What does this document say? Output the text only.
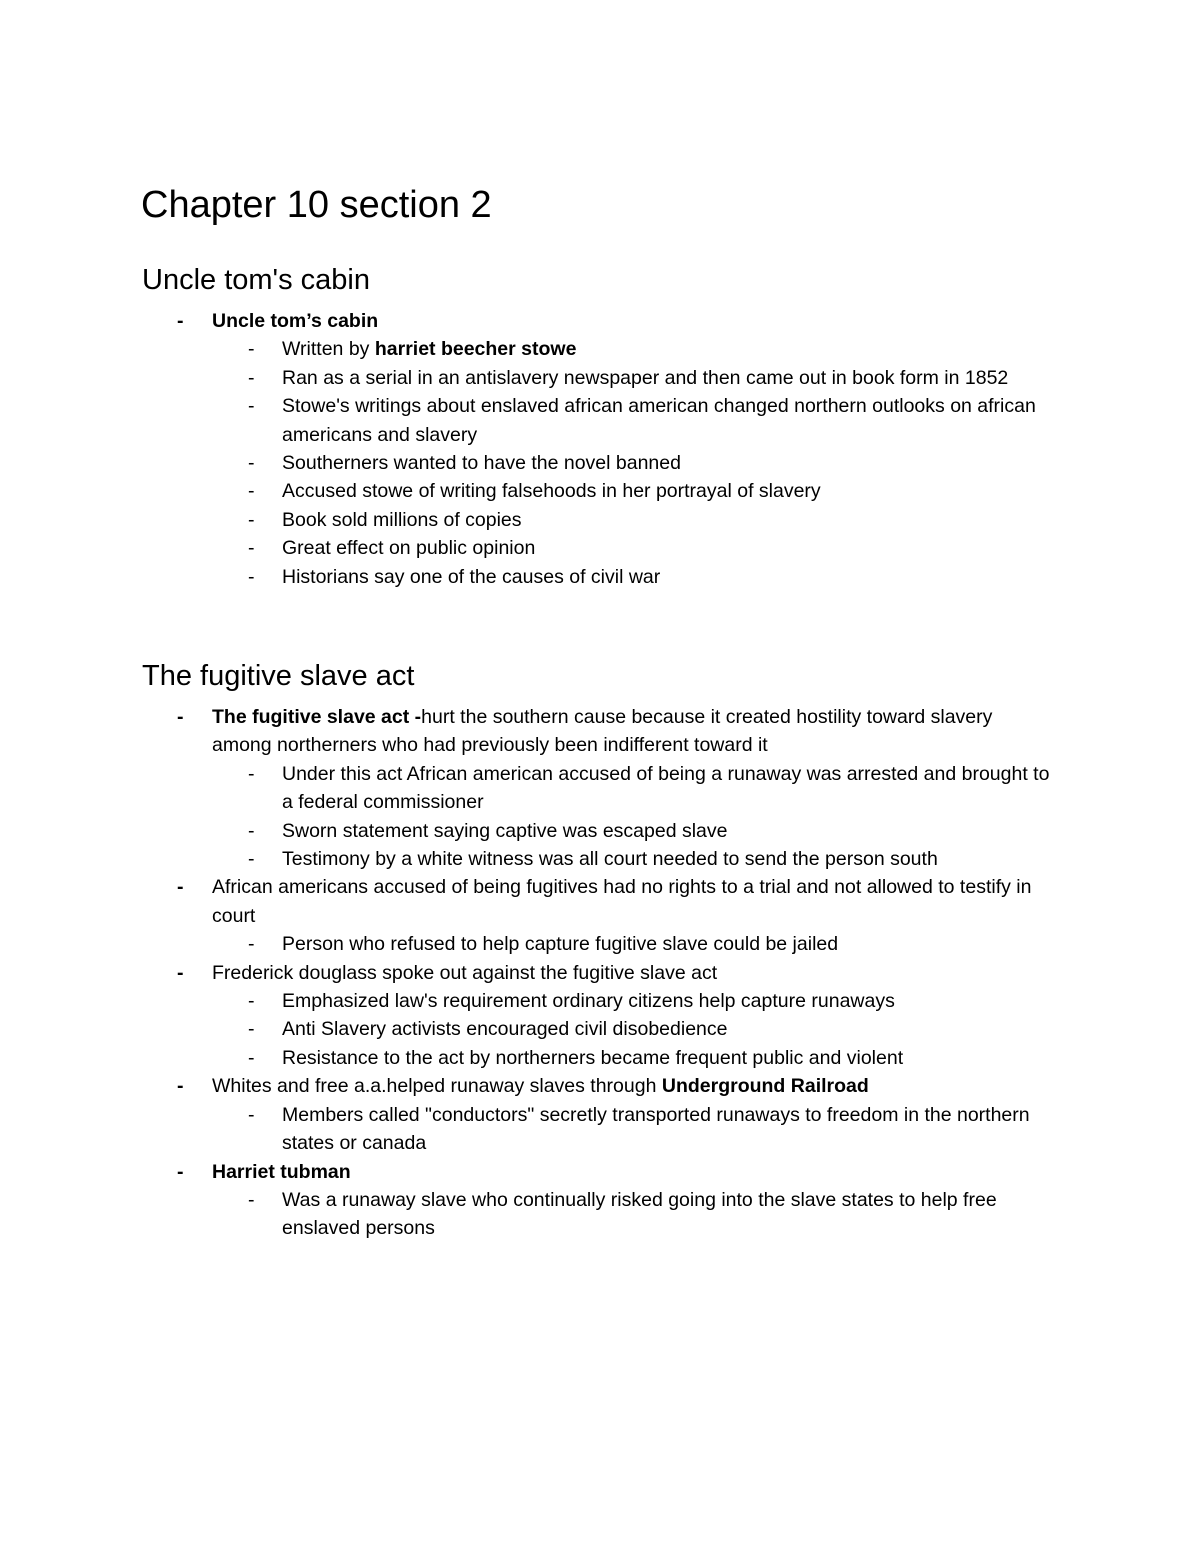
Chapter 10 section 2
Uncle tom's cabin
- Uncle tom’s cabin
- Written by harriet beecher stowe
- Ran as a serial in an antislavery newspaper and then came out in book form in 1852
- Stowe's writings about enslaved african american changed northern outlooks on african americans and slavery
- Southerners wanted to have the novel banned
- Accused stowe of writing falsehoods in her portrayal of slavery
- Book sold millions of copies
- Great effect on public opinion
- Historians say one of the causes of civil war
The fugitive slave act
- The fugitive slave act -hurt the southern cause because it created hostility toward slavery among northerners who had previously been indifferent toward it
- Under this act African american accused of being a runaway was arrested and brought to a federal commissioner
- Sworn statement saying captive was escaped slave
- Testimony by a white witness was all court needed to send the person south
- African americans accused of being fugitives had no rights to a trial and not allowed to testify in court
- Person who refused to help capture fugitive slave could be jailed
- Frederick douglass spoke out against the fugitive slave act
- Emphasized law's requirement ordinary citizens help capture runaways
- Anti Slavery activists encouraged civil disobedience
- Resistance to the act by northerners became frequent public and violent
- Whites and free a.a.helped runaway slaves through Underground Railroad
- Members called "conductors" secretly transported runaways to freedom in the northern states or canada
- Harriet tubman
- Was a runaway slave who continually risked going into the slave states to help free enslaved persons
